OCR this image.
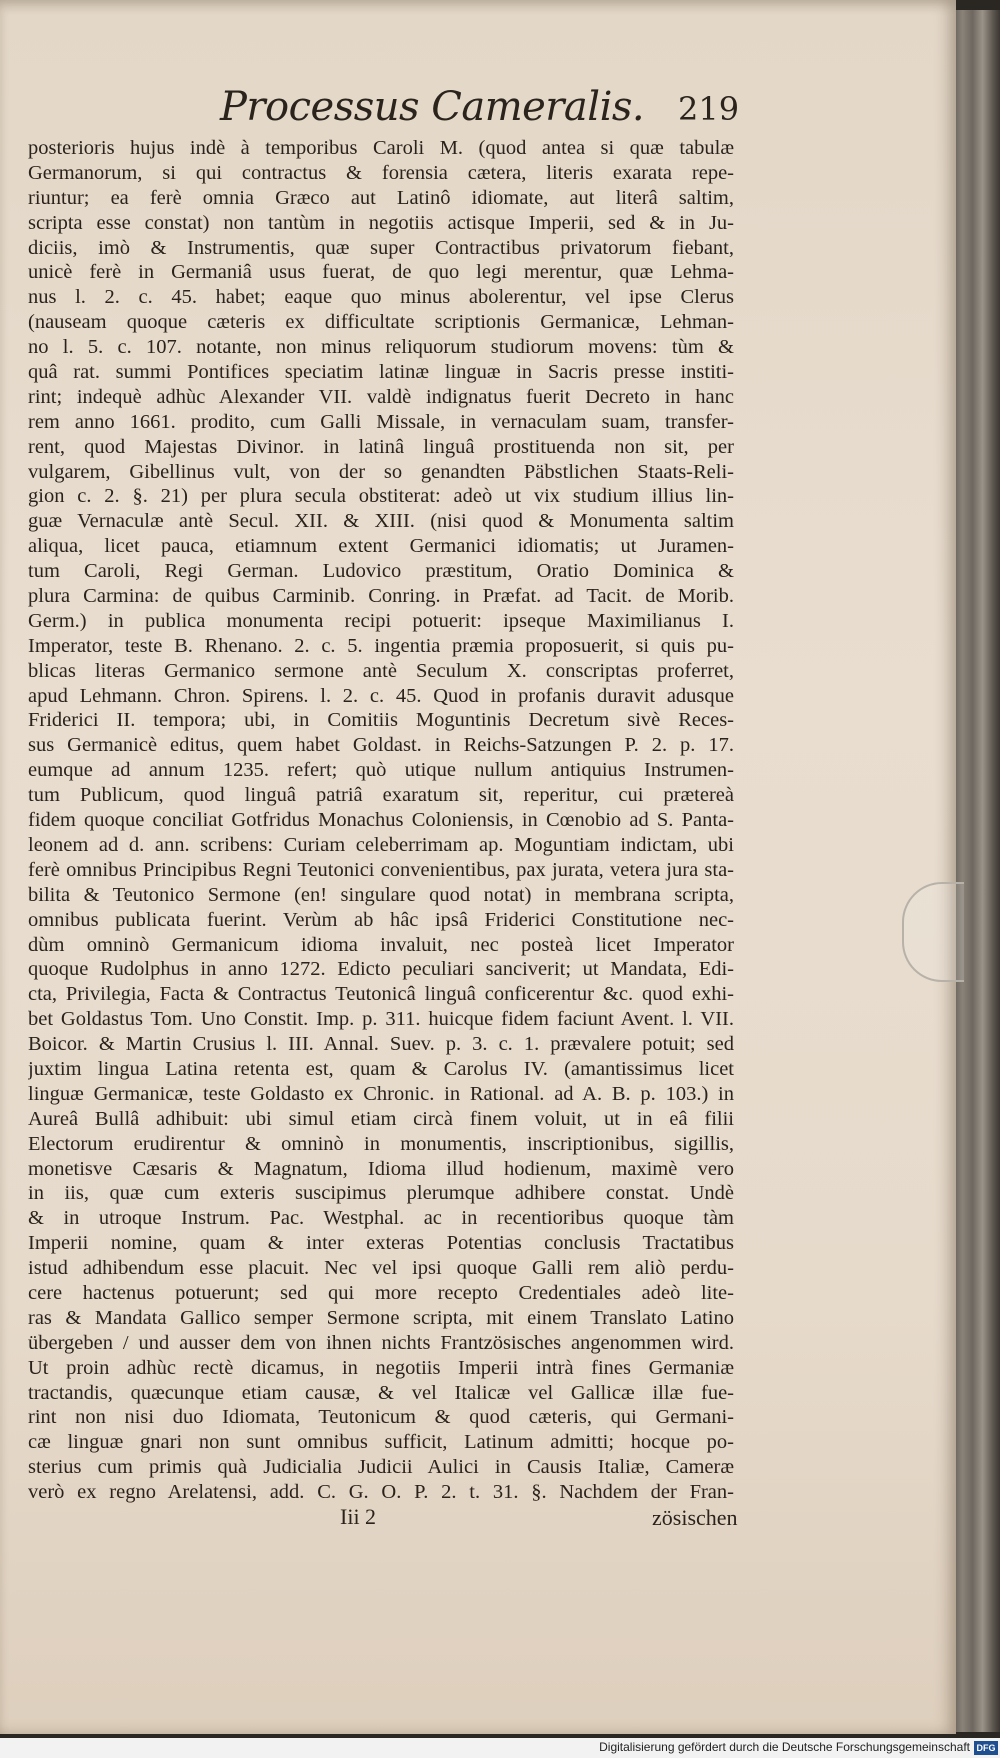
Processus Cameralis. 219
posterioris hujus indè à temporibus Caroli M. (quod antea si quæ tabulæ
Germanorum, si qui contractus & forensia cætera, literis exarata repe-
riuntur; ea ferè omnia Græco aut Latinô idiomate, aut literâ saltim,
scripta esse constat) non tantùm in negotiis actisque Imperii, sed & in Ju-
diciis, imò & Instrumentis, quæ super Contractibus privatorum fiebant,
unicè ferè in Germaniâ usus fuerat, de quo legi merentur, quæ Lehma-
nus l. 2. c. 45. habet; eaque quo minus abolerentur, vel ipse Clerus
(nauseam quoque cæteris ex difficultate scriptionis Germanicæ, Lehman-
no l. 5. c. 107. notante, non minus reliquorum studiorum movens: tùm &
quâ rat. summi Pontifices speciatim latinæ linguæ in Sacris presse institi-
rint; indequè adhùc Alexander VII. valdè indignatus fuerit Decreto in hanc
rem anno 1661. prodito, cum Galli Missale, in vernaculam suam, transfer-
rent, quod Majestas Divinor. in latinâ linguâ prostituenda non sit, per
vulgarem, Gibellinus vult, von der so genandten Päbstlichen Staats-Reli-
gion c. 2. §. 21) per plura secula obstiterat: adeò ut vix studium illius lin-
guæ Vernaculæ antè Secul. XII. & XIII. (nisi quod & Monumenta saltim
aliqua, licet pauca, etiamnum extent Germanici idiomatis; ut Juramen-
tum Caroli, Regi German. Ludovico præstitum, Oratio Dominica &
plura Carmina: de quibus Carminib. Conring. in Præfat. ad Tacit. de Morib.
Germ.) in publica monumenta recipi potuerit: ipseque Maximilianus I.
Imperator, teste B. Rhenano. 2. c. 5. ingentia præmia proposuerit, si quis pu-
blicas literas Germanico sermone antè Seculum X. conscriptas proferret,
apud Lehmann. Chron. Spirens. l. 2. c. 45. Quod in profanis duravit adusque
Friderici II. tempora; ubi, in Comitiis Moguntinis Decretum sivè Reces-
sus Germanicè editus, quem habet Goldast. in Reichs-Satzungen P. 2. p. 17.
eumque ad annum 1235. refert; quò utique nullum antiquius Instrumen-
tum Publicum, quod linguâ patriâ exaratum sit, reperitur, cui prætereà
fidem quoque conciliat Gotfridus Monachus Coloniensis, in Cœnobio ad S. Panta-
leonem ad d. ann. scribens: Curiam celeberrimam ap. Moguntiam indictam, ubi
ferè omnibus Principibus Regni Teutonici convenientibus, pax jurata, vetera jura sta-
bilita & Teutonico Sermone (en! singulare quod notat) in membrana scripta,
omnibus publicata fuerint. Verùm ab hâc ipsâ Friderici Constitutione nec-
dùm omninò Germanicum idioma invaluit, nec posteà licet Imperator
quoque Rudolphus in anno 1272. Edicto peculiari sanciverit; ut Mandata, Edi-
cta, Privilegia, Facta & Contractus Teutonicâ linguâ conficerentur &c. quod exhi-
bet Goldastus Tom. Uno Constit. Imp. p. 311. huicque fidem faciunt Avent. l. VII.
Boicor. & Martin Crusius l. III. Annal. Suev. p. 3. c. 1. prævalere potuit; sed
juxtim lingua Latina retenta est, quam & Carolus IV. (amantissimus licet
linguæ Germanicæ, teste Goldasto ex Chronic. in Rational. ad A. B. p. 103.) in
Aureâ Bullâ adhibuit: ubi simul etiam circà finem voluit, ut in eâ filii
Electorum erudirentur & omninò in monumentis, inscriptionibus, sigillis,
monetisve Cæsaris & Magnatum, Idioma illud hodienum, maximè vero
in iis, quæ cum exteris suscipimus plerumque adhibere constat. Undè
& in utroque Instrum. Pac. Westphal. ac in recentioribus quoque tàm
Imperii nomine, quam & inter exteras Potentias conclusis Tractatibus
istud adhibendum esse placuit. Nec vel ipsi quoque Galli rem aliò perdu-
cere hactenus potuerunt; sed qui more recepto Credentiales adeò lite-
ras & Mandata Gallico semper Sermone scripta, mit einem Translato Latino
übergeben / und ausser dem von ihnen nichts Frantzösisches angenommen wird.
Ut proin adhùc rectè dicamus, in negotiis Imperii intrà fines Germaniæ
tractandis, quæcunque etiam causæ, & vel Italicæ vel Gallicæ illæ fue-
rint non nisi duo Idiomata, Teutonicum & quod cæteris, qui Germani-
cæ linguæ gnari non sunt omnibus sufficit, Latinum admitti; hocque po-
sterius cum primis quà Judicialia Judicii Aulici in Causis Italiæ, Cameræ
verò ex regno Arelatensi, add. C. G. O. P. 2. t. 31. §. Nachdem der Fran-
Iii 2	zösischen
Digitalisierung gefördert durch die Deutsche Forschungsgemeinschaft DFG
